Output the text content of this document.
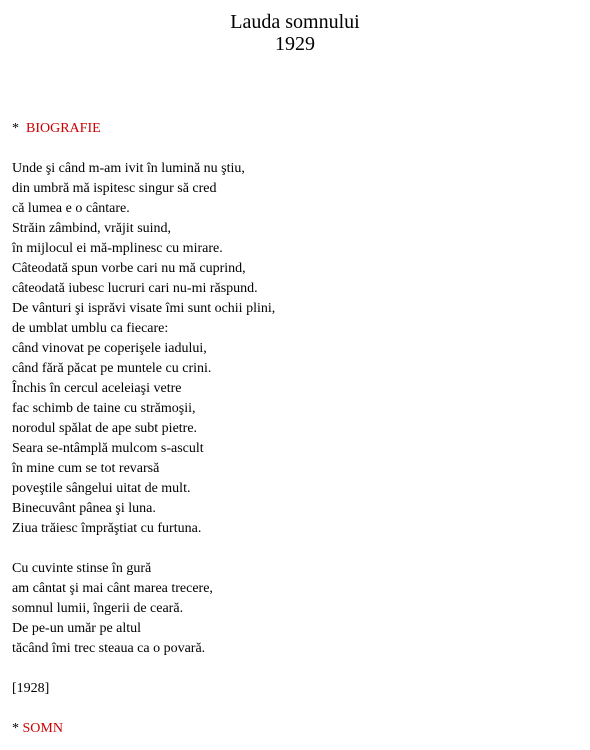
Lauda somnului
1929
* BIOGRAFIE
Unde şi când m-am ivit în lumină nu ştiu,
din umbră mă ispitesc singur să cred
că lumea e o cântare.
Străin zâmbind, vrăjit suind,
în mijlocul ei mă-mplinesc cu mirare.
Câteodată spun vorbe cari nu mă cuprind,
câteodată iubesc lucruri cari nu-mi răspund.
De vânturi şi isprăvi visate îmi sunt ochii plini,
de umblat umblu ca fiecare:
când vinovat pe coperişele iadului,
când fără păcat pe muntele cu crini.
Închis în cercul aceleiaşi vetre
fac schimb de taine cu strămoşii,
norodul spălat de ape subt pietre.
Seara se-ntâmplă mulcom s-ascult
în mine cum se tot revarsă
poveştile sângelui uitat de mult.
Binecuvânt pânea şi luna.
Ziua trăiesc împrăştiat cu furtuna.
Cu cuvinte stinse în gură
am cântat şi mai cânt marea trecere,
somnul lumii, îngerii de ceară.
De pe-un umăr pe altul
tăcând îmi trec steaua ca o povară.
[1928]
* SOMN
